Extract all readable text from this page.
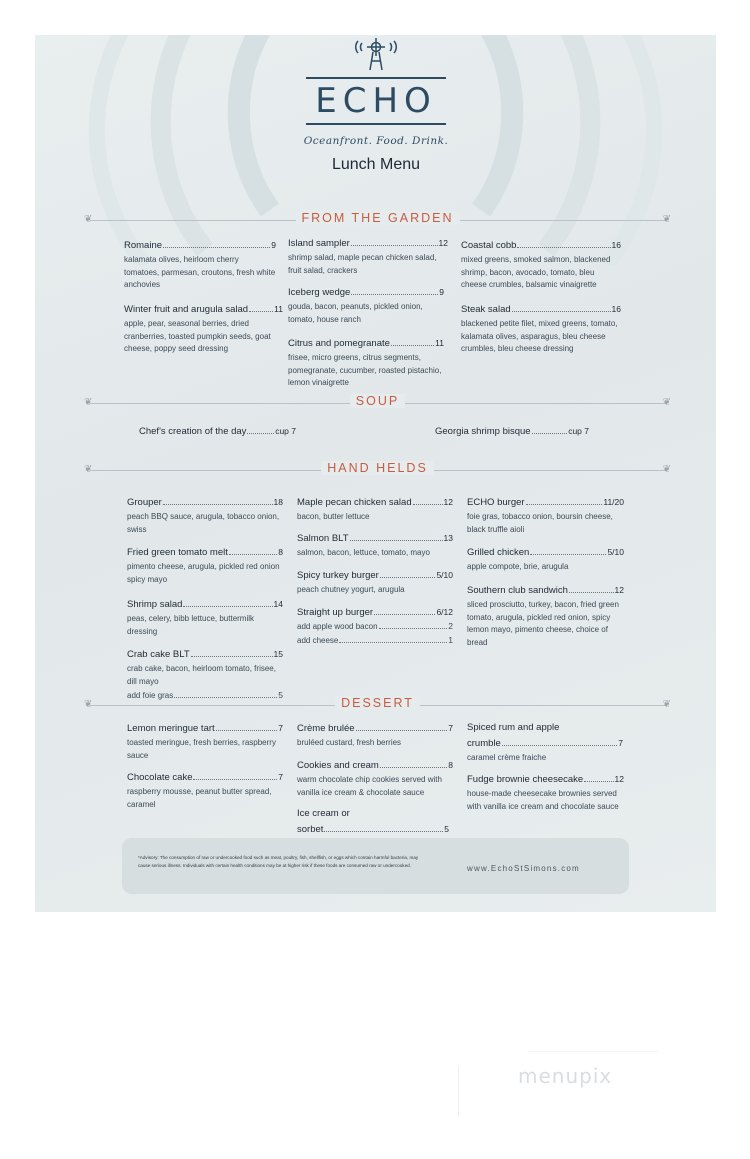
ECHO
Oceanfront. Food. Drink.
Lunch Menu
❦	❦
FROM THE GARDEN
Romaine	9
kalamata olives, heirloom cherry tomatoes, parmesan, croutons, fresh white anchovies
Winter fruit and arugula salad	11
apple, pear, seasonal berries, dried cranberries, toasted pumpkin seeds, goat cheese, poppy seed dressing
Island sampler	12
shrimp salad, maple pecan chicken salad, fruit salad, crackers
Iceberg wedge	9
gouda, bacon, peanuts, pickled onion, tomato, house ranch
Citrus and pomegranate	11
frisee, micro greens, citrus segments, pomegranate, cucumber, roasted pistachio, lemon vinaigrette
Coastal cobb	16
mixed greens, smoked salmon, blackened shrimp, bacon, avocado, tomato, bleu cheese crumbles, balsamic vinaigrette
Steak salad	16
blackened petite filet, mixed greens, tomato, kalamata olives, asparagus, bleu cheese crumbles, bleu cheese dressing
❦	❦
SOUP
Chef's creation of the day	cup 7	Georgia shrimp bisque	cup 7
❦	❦
HAND HELDS
Grouper	18
peach BBQ sauce, arugula, tobacco onion, swiss
Fried green tomato melt	8
pimento cheese, arugula, pickled red onion spicy mayo
Shrimp salad	14
peas, celery, bibb lettuce, buttermilk dressing
Crab cake BLT	15
crab cake, bacon, heirloom tomato, frisee, dill mayo
add foie gras	5
Maple pecan chicken salad	12
bacon, butter lettuce
Salmon BLT	13
salmon, bacon, lettuce, tomato, mayo
Spicy turkey burger	5/10
peach chutney yogurt, arugula
Straight up burger	6/12
add apple wood bacon	2
add cheese	1
ECHO burger	11/20
foie gras, tobacco onion, boursin cheese, black truffle aioli
Grilled chicken	5/10
apple compote, brie, arugula
Southern club sandwich	12
sliced prosciutto, turkey, bacon, fried green tomato, arugula, pickled red onion, spicy lemon mayo, pimento cheese, choice of bread
❦	❦
DESSERT
Lemon meringue tart	7
toasted meringue, fresh berries, raspberry sauce
Chocolate cake	7
raspberry mousse, peanut butter spread, caramel
Crème brulée	7
bruléed custard, fresh berries
Cookies and cream	8
warm chocolate chip cookies served with vanilla ice cream & chocolate sauce
Ice cream or
sorbet	5
Spiced rum and apple
crumble	7
caramel crème fraiche
Fudge brownie cheesecake	12
house-made cheesecake brownies served with vanilla ice cream and chocolate sauce
*Advisory: The consumption of raw or undercooked food such as meat, poultry, fish, shellfish, or eggs which contain harmful bacteria, may cause serious illness. Individuals with certain health conditions may be at higher risk if these foods are consumed raw or undercooked.	www.EchoStSimons.com
menupix
